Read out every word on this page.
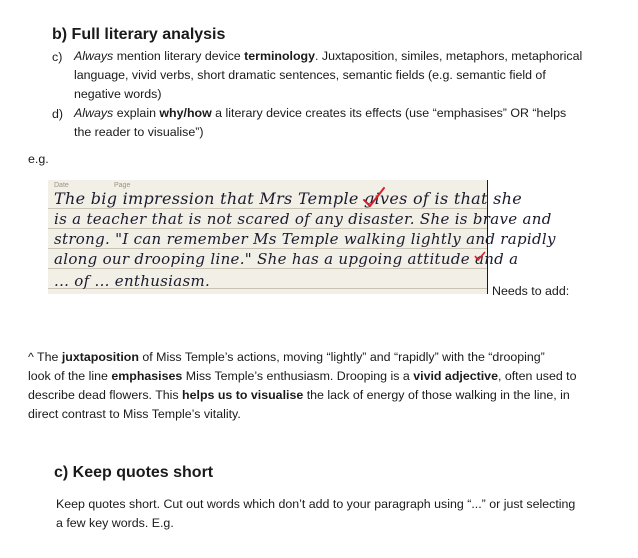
b) Full literary analysis
c) Always mention literary device terminology. Juxtaposition, similes, metaphors, metaphorical
language, vivid verbs, short dramatic sentences, semantic fields (e.g. semantic field of
negative words)
d) Always explain why/how a literary device creates its effects (use “emphasises” OR “helps
the reader to visualise”)
e.g.
Date	Page
The big impression that Mrs Temple gives of is that she
is a teacher that is not scared of any disaster. She is brave and
strong. "I can remember Ms Temple walking lightly and rapidly
along our drooping line." She has a upgoing attitude and a
... of ... enthusiasm.
Needs to add:
^ The juxtaposition of Miss Temple’s actions, moving “lightly” and “rapidly” with the “drooping”
look of the line emphasises Miss Temple’s enthusiasm. Drooping is a vivid adjective, often used to
describe dead flowers. This helps us to visualise the lack of energy of those walking in the line, in
direct contrast to Miss Temple’s vitality.
c) Keep quotes short
Keep quotes short. Cut out words which don’t add to your paragraph using “...” or just selecting
a few key words. E.g.
